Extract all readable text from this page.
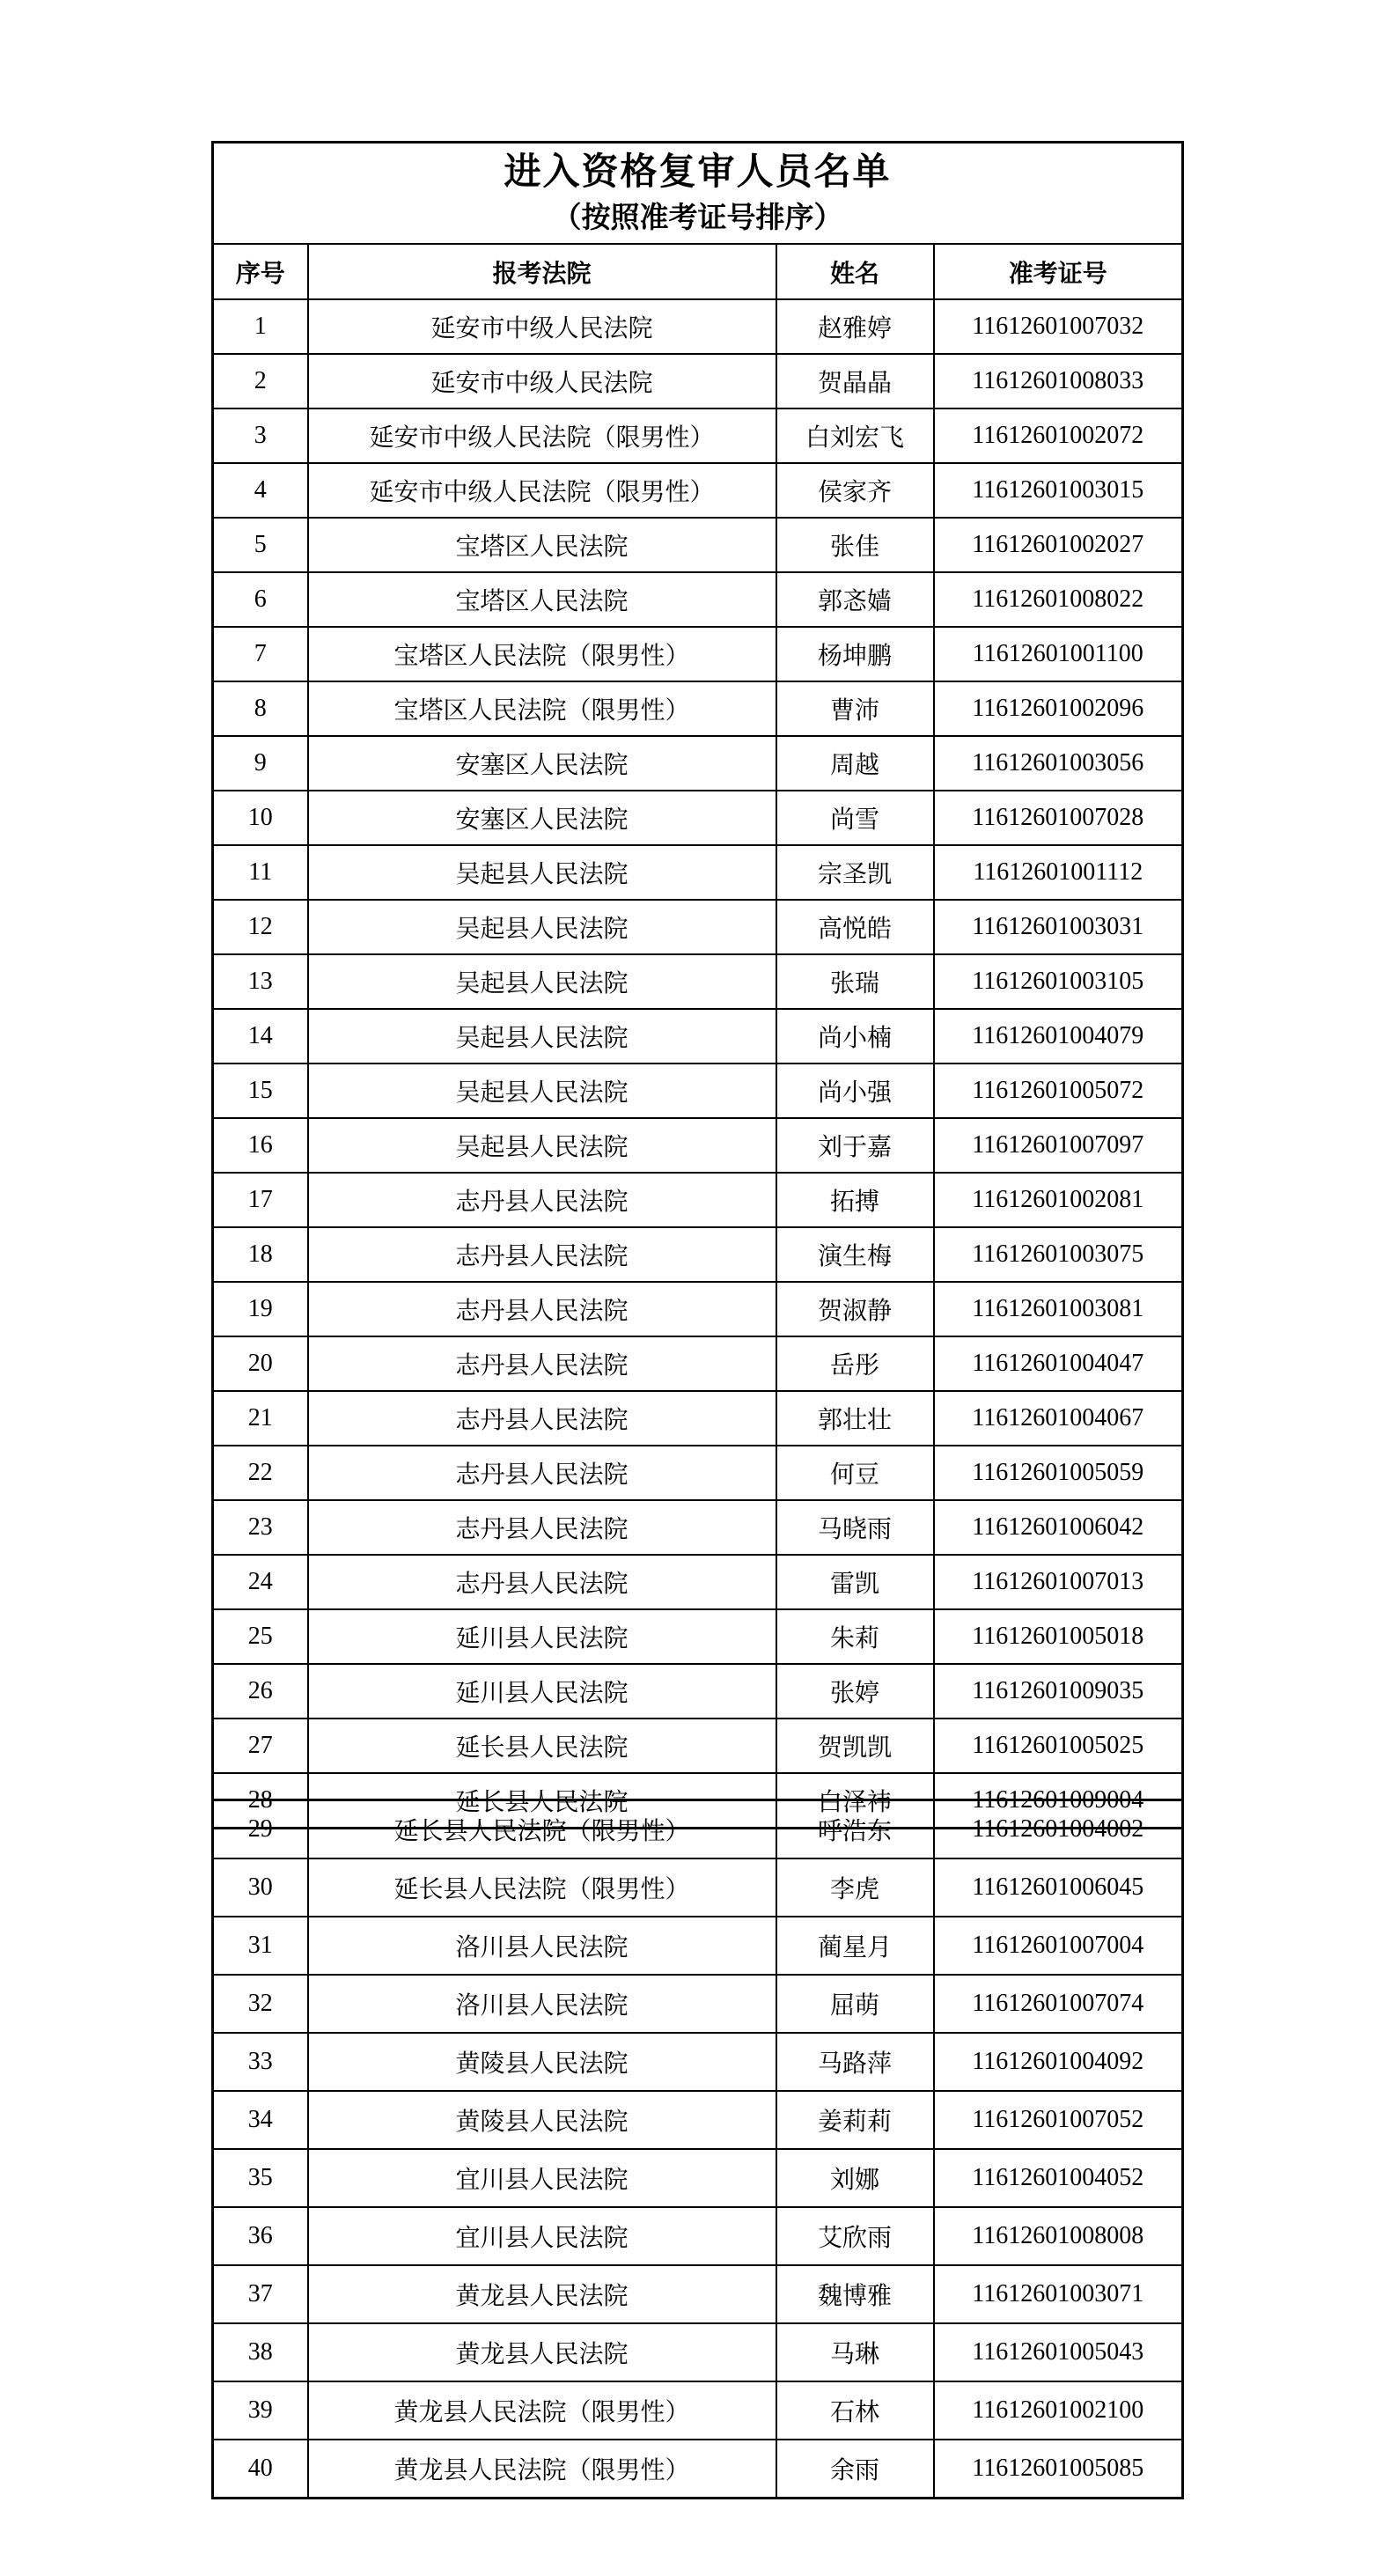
进入资格复审人员名单
（按照准考证号排序）			

序号	报考法院	姓名	准考证号
1	延安市中级人民法院	赵雅婷	11612601007032
2	延安市中级人民法院	贺晶晶	11612601008033
3	延安市中级人民法院（限男性）	白刘宏飞	11612601002072
4	延安市中级人民法院（限男性）	侯家齐	11612601003015
5	宝塔区人民法院	张佳	11612601002027
6	宝塔区人民法院	郭忞嫱	11612601008022
7	宝塔区人民法院（限男性）	杨坤鹏	11612601001100
8	宝塔区人民法院（限男性）	曹沛	11612601002096
9	安塞区人民法院	周越	11612601003056
10	安塞区人民法院	尚雪	11612601007028
11	吴起县人民法院	宗圣凯	11612601001112
12	吴起县人民法院	高悦皓	11612601003031
13	吴起县人民法院	张瑞	11612601003105
14	吴起县人民法院	尚小楠	11612601004079
15	吴起县人民法院	尚小强	11612601005072
16	吴起县人民法院	刘于嘉	11612601007097
17	志丹县人民法院	拓搏	11612601002081
18	志丹县人民法院	演生梅	11612601003075
19	志丹县人民法院	贺淑静	11612601003081
20	志丹县人民法院	岳彤	11612601004047
21	志丹县人民法院	郭壮壮	11612601004067
22	志丹县人民法院	何豆	11612601005059
23	志丹县人民法院	马晓雨	11612601006042
24	志丹县人民法院	雷凯	11612601007013
25	延川县人民法院	朱莉	11612601005018
26	延川县人民法院	张婷	11612601009035
27	延长县人民法院	贺凯凯	11612601005025
28	延长县人民法院	白泽祎	11612601009004
29	延长县人民法院（限男性）	呼浩东	11612601004002
30	延长县人民法院（限男性）	李虎	11612601006045
31	洛川县人民法院	蔺星月	11612601007004
32	洛川县人民法院	屈萌	11612601007074
33	黄陵县人民法院	马路萍	11612601004092
34	黄陵县人民法院	姜莉莉	11612601007052
35	宜川县人民法院	刘娜	11612601004052
36	宜川县人民法院	艾欣雨	11612601008008
37	黄龙县人民法院	魏博雅	11612601003071
38	黄龙县人民法院	马琳	11612601005043
39	黄龙县人民法院（限男性）	石林	11612601002100
40	黄龙县人民法院（限男性）	余雨	11612601005085
